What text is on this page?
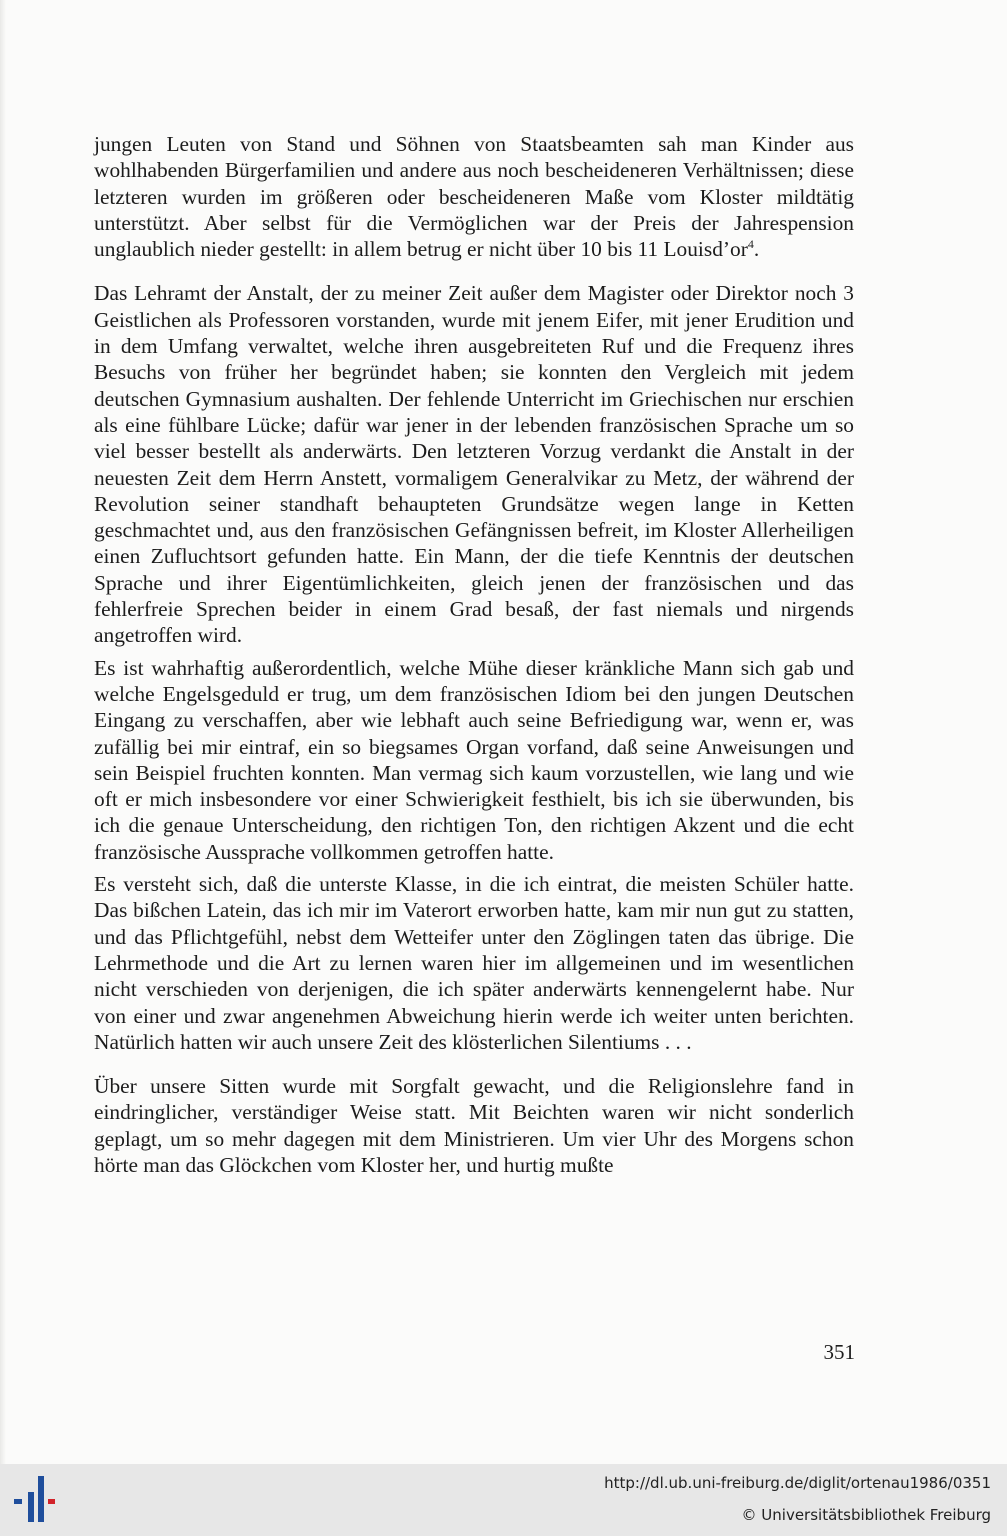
jungen Leuten von Stand und Söhnen von Staatsbeamten sah man Kinder aus wohlhabenden Bürgerfamilien und andere aus noch bescheideneren Verhältnissen; diese letzteren wurden im größeren oder bescheideneren Maße vom Kloster mildtätig unterstützt. Aber selbst für die Vermöglichen war der Preis der Jahrespension unglaublich nieder gestellt: in allem betrug er nicht über 10 bis 11 $Louisd’or^4$.

Das Lehramt der Anstalt, der zu meiner Zeit außer dem Magister oder Direktor noch 3 Geistlichen als Professoren vorstanden, wurde mit jenem Eifer, mit jener Erudition und in dem Umfang verwaltet, welche ihren ausgebreiteten Ruf und die Frequenz ihres Besuchs von früher her begründet haben; sie konnten den Vergleich mit jedem deutschen Gymnasium aushalten. Der fehlende Unterricht im Griechischen nur erschien als eine fühlbare Lücke; dafür war jener in der lebenden französischen Sprache um so viel besser bestellt als anderwärts. Den letzteren Vorzug verdankt die Anstalt in der neuesten Zeit dem Herrn Anstett, vormaligem Generalvikar zu Metz, der während der Revolution seiner standhaft behaupteten Grundsätze wegen lange in Ketten geschmachtet und, aus den französischen Gefängnissen befreit, im Kloster Allerheiligen einen Zufluchtsort gefunden hatte. Ein Mann, der die tiefe Kenntnis der deutschen Sprache und ihrer Eigentümlichkeiten, gleich jenen der französischen und das fehlerfreie Sprechen beider in einem Grad besaß, der fast niemals und nirgends angetroffen wird.

Es ist wahrhaftig außerordentlich, welche Mühe dieser kränkliche Mann sich gab und welche Engelsgeduld er trug, um dem französischen Idiom bei den jungen Deutschen Eingang zu verschaffen, aber wie lebhaft auch seine Befriedigung war, wenn er, was zufällig bei mir eintraf, ein so biegsames Organ vorfand, daß seine Anweisungen und sein Beispiel fruchten konnten. Man vermag sich kaum vorzustellen, wie lang und wie oft er mich insbesondere vor einer Schwierigkeit festhielt, bis ich sie überwunden, bis ich die genaue Unterscheidung, den richtigen Ton, den richtigen Akzent und die echt französische Aussprache vollkommen getroffen hatte.

Es versteht sich, daß die unterste Klasse, in die ich eintrat, die meisten Schüler hatte. Das bißchen Latein, das ich mir im Vaterort erworben hatte, kam mir nun gut zu statten, und das Pflichtgefühl, nebst dem Wetteifer unter den Zöglingen taten das übrige. Die Lehrmethode und die Art zu lernen waren hier im allgemeinen und im wesentlichen nicht verschieden von derjenigen, die ich später anderwärts kennengelernt habe. Nur von einer und zwar angenehmen Abweichung hierin werde ich weiter unten berichten. Natürlich hatten wir auch unsere Zeit des klösterlichen Silentiums . . .

Über unsere Sitten wurde mit Sorgfalt gewacht, und die Religionslehre fand in eindringlicher, verständiger Weise statt. Mit Beichten waren wir nicht sonderlich geplagt, um so mehr dagegen mit dem Ministrieren. Um vier Uhr des Morgens schon hörte man das Glöckchen vom Kloster her, und hurtig mußte

351
http://dl.ub.uni-freiburg.de/diglit/ortenau1986/0351
© Universitätsbibliothek Freiburg
